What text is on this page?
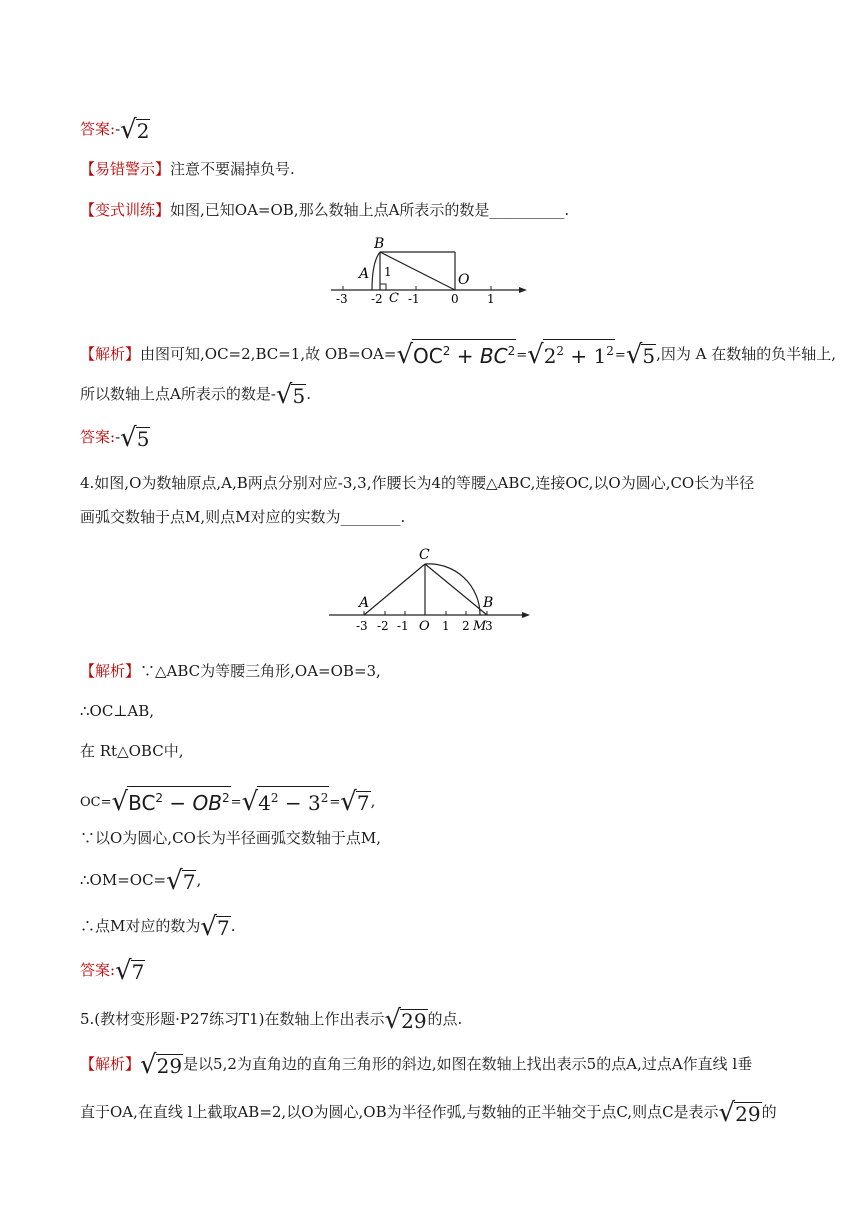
答案:- √ 2
【易错警示】注意不要漏掉负号.
【变式训练】如图,已知OA=OB,那么数轴上点A所表示的数是__________.
B
A	O
1
C
-3 -2 -1	0 1
【解析】由图可知,OC=2,BC=1,故 OB=OA= √ $OC^2 + BC^2$ = √ $2^2 + 1^2$ = √ 5 ,因为 A 在数轴的负半轴上,
所以数轴上点A所表示的数是- √ 5 .
答案:- √ 5
4.如图,O为数轴原点,A,B两点分别对应-3,3,作腰长为4的等腰△ABC,连接OC,以O为圆心,CO长为半径
画弧交数轴于点M,则点M对应的实数为________.
C
A	B
O	M
-3 -2 -1	1 2 3
【解析】∵△ABC为等腰三角形,OA=OB=3,
∴OC⊥AB,
在 Rt△OBC中,
OC= √ $BC^2 - OB^2$ = √ $4^2 - 3^2$ = √ 7 ,
∵以O为圆心,CO长为半径画弧交数轴于点M,
∴OM=OC= √ 7 ,
∴点M对应的数为 √ 7 .
答案: √ 7
5.(教材变形题·P27练习T1)在数轴上作出表示 √ 29 的点.
【解析】 √ 29 是以5,2为直角边的直角三角形的斜边,如图在数轴上找出表示5的点A,过点A作直线 l垂
直于OA,在直线 l上截取AB=2,以O为圆心,OB为半径作弧,与数轴的正半轴交于点C,则点C是表示 √ 29 的
